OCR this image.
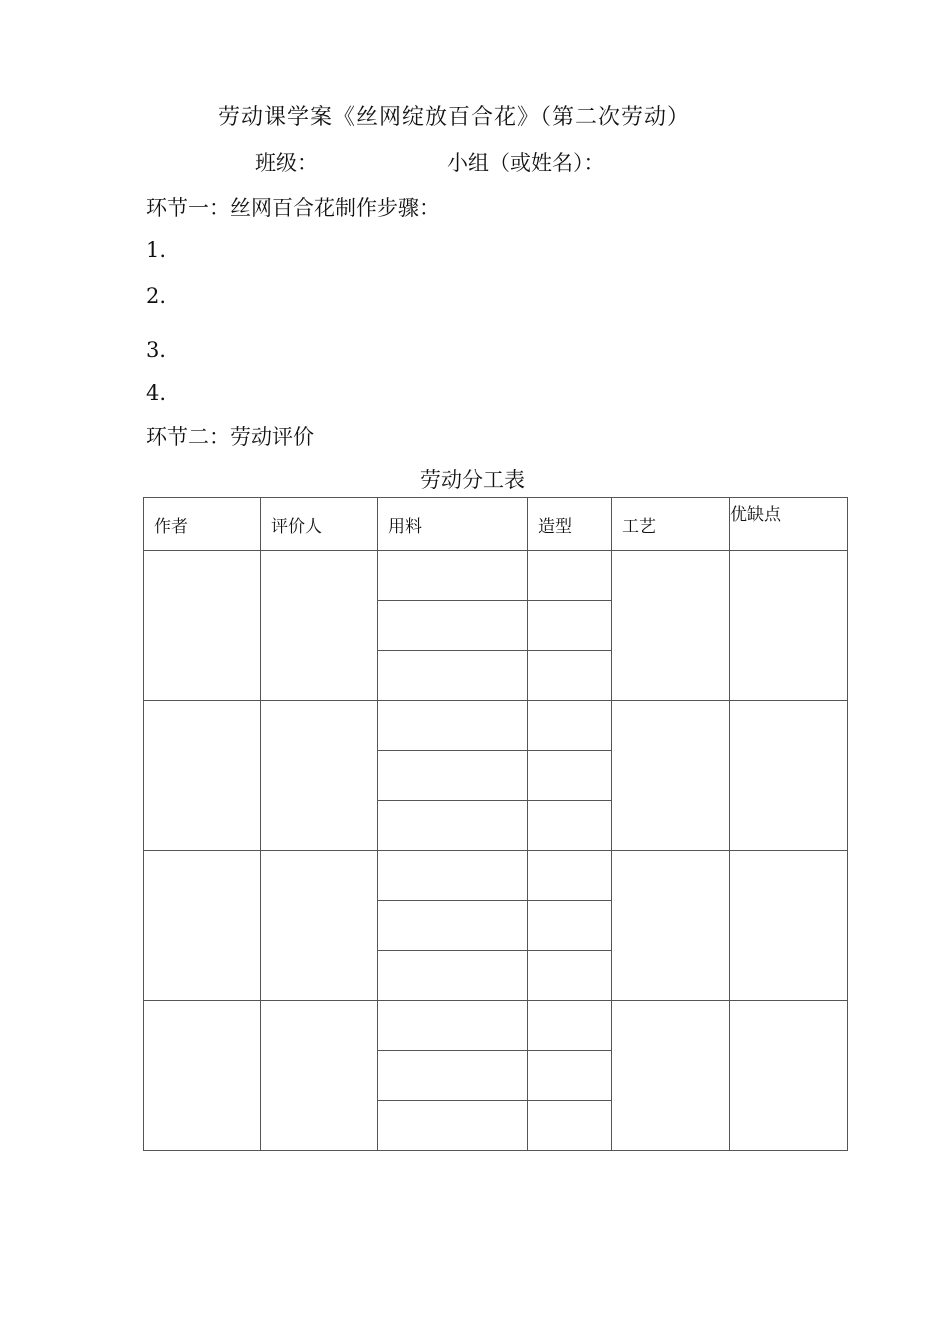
劳动课学案《丝网绽放百合花》（第二次劳动）
班级：	小组（或姓名）：
环节一：丝网百合花制作步骤：
1.
2.
3．
4.
环节二：劳动评价
劳动分工表
作者	评价人	用料	造型	工艺	优缺点
